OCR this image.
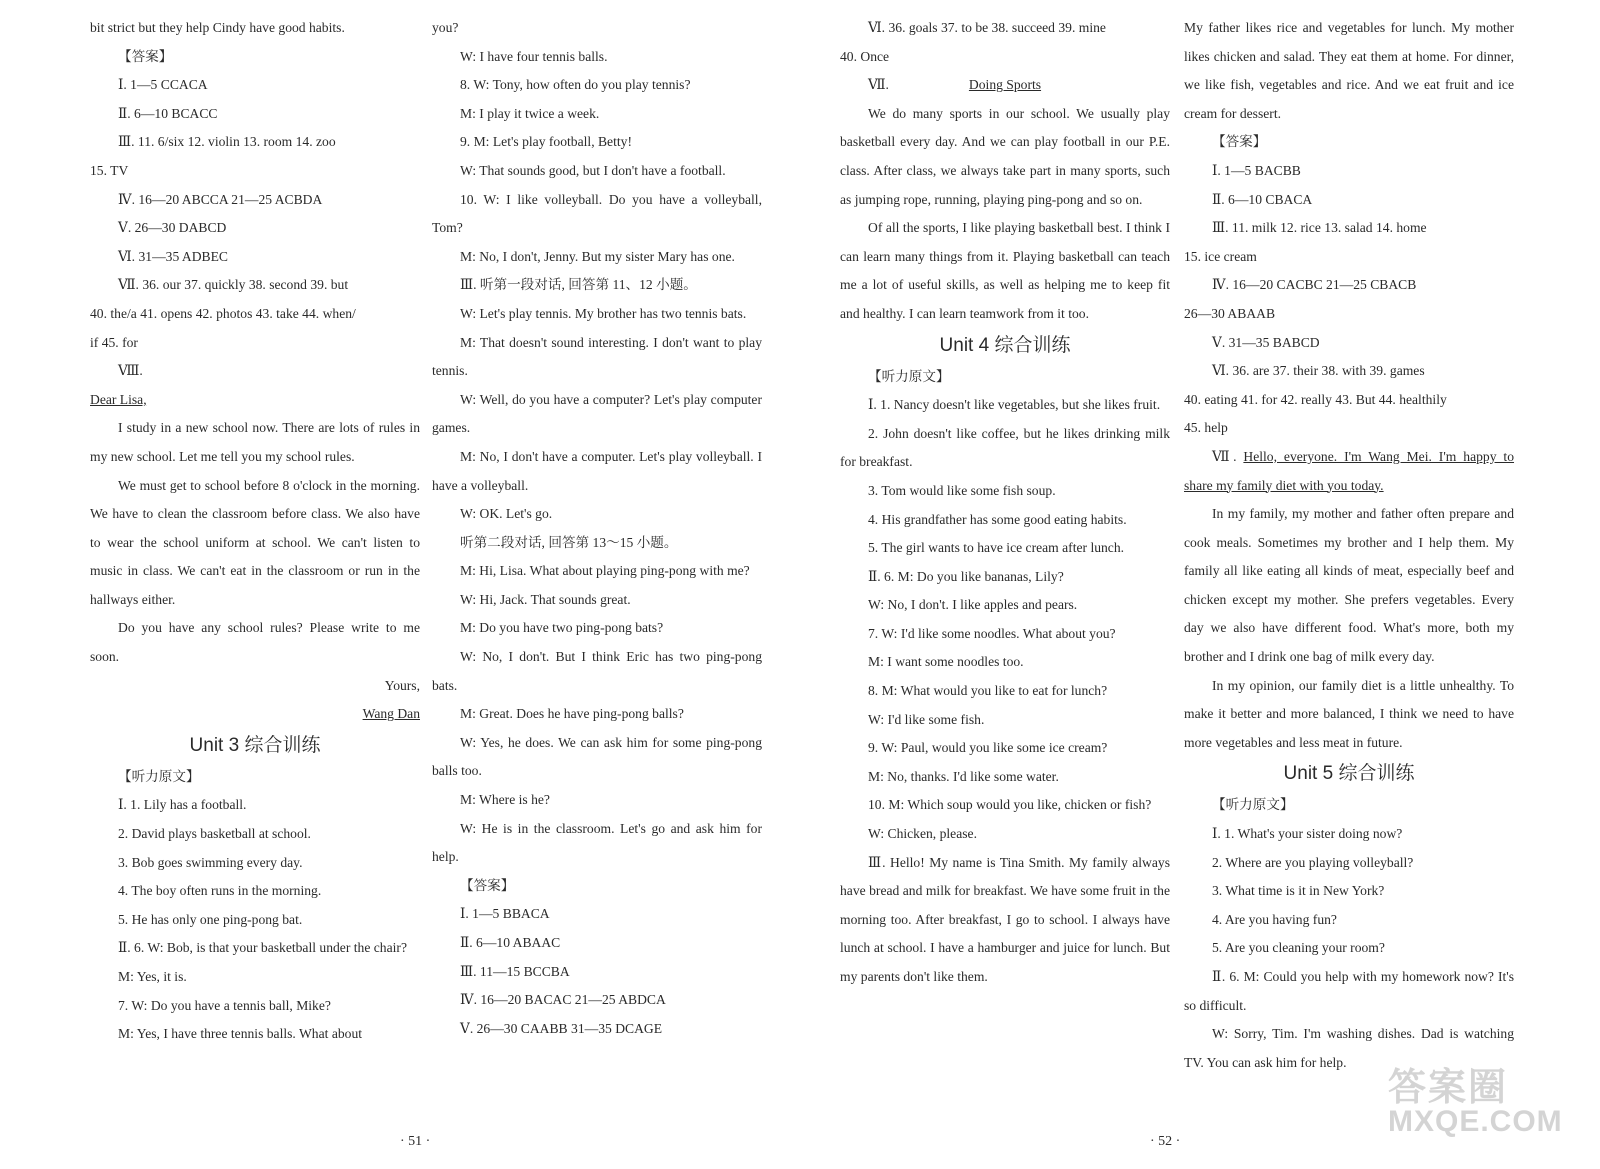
bit strict but they help Cindy have good habits.

【答案】

Ⅰ. 1—5 CCACA

Ⅱ. 6—10 BCACC

Ⅲ. 11. 6/six 12. violin 13. room 14. zoo

15. TV

Ⅳ. 16—20 ABCCA 21—25 ACBDA

Ⅴ. 26—30 DABCD

Ⅵ. 31—35 ADBEC

Ⅶ. 36. our 37. quickly 38. second 39. but

40. the/a 41. opens 42. photos 43. take 44. when/

if 45. for

Ⅷ.

Dear Lisa,

I study in a new school now. There are lots of rules in my new school. Let me tell you my school rules.

We must get to school before 8 o'clock in the morning. We have to clean the classroom before class. We also have to wear the school uniform at school. We can't listen to music in class. We can't eat in the classroom or run in the hallways either.

Do you have any school rules? Please write to me soon.

Yours,

Wang Dan

Unit 3 综合训练

【听力原文】

Ⅰ. 1. Lily has a football.

2. David plays basketball at school.

3. Bob goes swimming every day.

4. The boy often runs in the morning.

5. He has only one ping-pong bat.

Ⅱ. 6. W: Bob, is that your basketball under the chair?

M: Yes, it is.

7. W: Do you have a tennis ball, Mike?

M: Yes, I have three tennis balls. What about

you?

W: I have four tennis balls.

8. W: Tony, how often do you play tennis?

M: I play it twice a week.

9. M: Let's play football, Betty!

W: That sounds good, but I don't have a football.

10. W: I like volleyball. Do you have a volleyball, Tom?

M: No, I don't, Jenny. But my sister Mary has one.

Ⅲ. 听第一段对话, 回答第 11、12 小题。

W: Let's play tennis. My brother has two tennis bats.

M: That doesn't sound interesting. I don't want to play tennis.

W: Well, do you have a computer? Let's play computer games.

M: No, I don't have a computer. Let's play volleyball. I have a volleyball.

W: OK. Let's go.

听第二段对话, 回答第 13～15 小题。

M: Hi, Lisa. What about playing ping-pong with me?

W: Hi, Jack. That sounds great.

M: Do you have two ping-pong bats?

W: No, I don't. But I think Eric has two ping-pong bats.

M: Great. Does he have ping-pong balls?

W: Yes, he does. We can ask him for some ping-pong balls too.

M: Where is he?

W: He is in the classroom. Let's go and ask him for help.

【答案】

Ⅰ. 1—5 BBACA

Ⅱ. 6—10 ABAAC

Ⅲ. 11—15 BCCBA

Ⅳ. 16—20 BACAC 21—25 ABDCA

Ⅴ. 26—30 CAABB 31—35 DCAGE

Ⅵ. 36. goals 37. to be 38. succeed 39. mine

40. Once

Ⅶ.	Doing Sports

We do many sports in our school. We usually play basketball every day. And we can play football in our P.E. class. After class, we always take part in many sports, such as jumping rope, running, playing ping-pong and so on.

Of all the sports, I like playing basketball best. I think I can learn many things from it. Playing basketball can teach me a lot of useful skills, as well as helping me to keep fit and healthy. I can learn teamwork from it too.

Unit 4 综合训练

【听力原文】

Ⅰ. 1. Nancy doesn't like vegetables, but she likes fruit.

2. John doesn't like coffee, but he likes drinking milk for breakfast.

3. Tom would like some fish soup.

4. His grandfather has some good eating habits.

5. The girl wants to have ice cream after lunch.

Ⅱ. 6. M: Do you like bananas, Lily?

W: No, I don't. I like apples and pears.

7. W: I'd like some noodles. What about you?

M: I want some noodles too.

8. M: What would you like to eat for lunch?

W: I'd like some fish.

9. W: Paul, would you like some ice cream?

M: No, thanks. I'd like some water.

10. M: Which soup would you like, chicken or fish?

W: Chicken, please.

Ⅲ. Hello! My name is Tina Smith. My family always have bread and milk for breakfast. We have some fruit in the morning too. After breakfast, I go to school. I always have lunch at school. I have a hamburger and juice for lunch. But my parents don't like them.

My father likes rice and vegetables for lunch. My mother likes chicken and salad. They eat them at home. For dinner, we like fish, vegetables and rice. And we eat fruit and ice cream for dessert.

【答案】

Ⅰ. 1—5 BACBB

Ⅱ. 6—10 CBACA

Ⅲ. 11. milk 12. rice 13. salad 14. home

15. ice cream

Ⅳ. 16—20 CACBC 21—25 CBACB

26—30 ABAAB

Ⅴ. 31—35 BABCD

Ⅵ. 36. are 37. their 38. with 39. games

40. eating 41. for 42. really 43. But 44. healthily

45. help

Ⅶ. Hello, everyone. I'm Wang Mei. I'm happy to share my family diet with you today.

In my family, my mother and father often prepare and cook meals. Sometimes my brother and I help them. My family all like eating all kinds of meat, especially beef and chicken except my mother. She prefers vegetables. Every day we also have different food. What's more, both my brother and I drink one bag of milk every day.

In my opinion, our family diet is a little unhealthy. To make it better and more balanced, I think we need to have more vegetables and less meat in future.

Unit 5 综合训练

【听力原文】

Ⅰ. 1. What's your sister doing now?

2. Where are you playing volleyball?

3. What time is it in New York?

4. Are you having fun?

5. Are you cleaning your room?

Ⅱ. 6. M: Could you help with my homework now? It's so difficult.

W: Sorry, Tim. I'm washing dishes. Dad is watching TV. You can ask him for help.

· 51 ·	· 52 ·
答案圈
MXQE.COM
